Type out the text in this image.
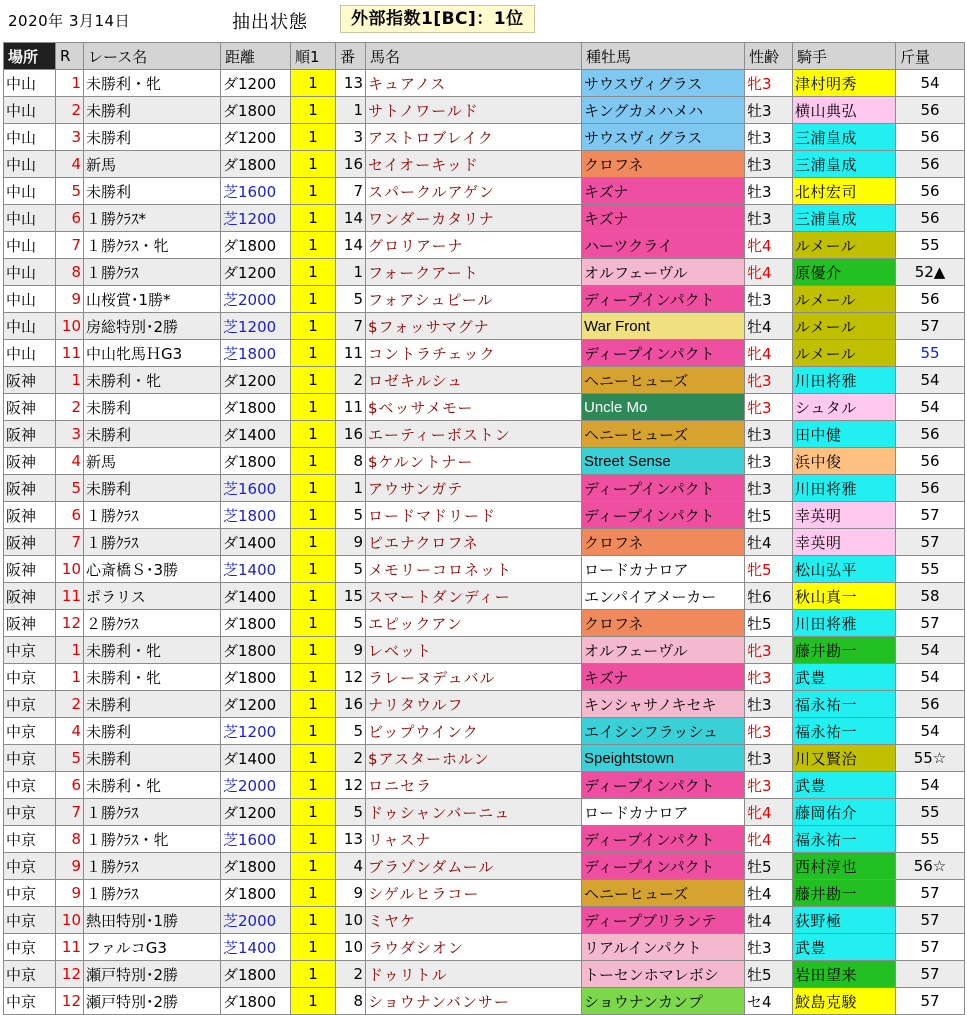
2020年 3月14日	抽出状態	外部指数1[BC]：1位
場所	R	レース名	距離	順1	番	馬名	種牡馬	性齢	騎手	斤量
中山	1	未勝利・牝	ダ1200	1	13	キュアノス	サウスヴィグラス	牝3	津村明秀	54
中山	2	未勝利	ダ1800	1	1	サトノワールド	キングカメハメハ	牡3	横山典弘	56
中山	3	未勝利	ダ1200	1	3	アストロブレイク	サウスヴィグラス	牡3	三浦皇成	56
中山	4	新馬	ダ1800	1	16	セイオーキッド	クロフネ	牡3	三浦皇成	56
中山	5	未勝利	芝1600	1	7	スパークルアゲン	キズナ	牡3	北村宏司	56
中山	6	１勝ｸﾗｽ*	芝1200	1	14	ワンダーカタリナ	キズナ	牡3	三浦皇成	56
中山	7	１勝ｸﾗｽ・牝	ダ1800	1	14	グロリアーナ	ハーツクライ	牝4	ルメール	55
中山	8	１勝ｸﾗｽ	ダ1200	1	1	フォークアート	オルフェーヴル	牝4	原優介	52▲
中山	9	山桜賞･1勝*	芝2000	1	5	フォアシュピール	ディープインパクト	牡3	ルメール	56
中山	10	房総特別･2勝	芝1200	1	7	$フォッサマグナ	War Front	牡4	ルメール	57
中山	11	中山牝馬ＨG3	芝1800	1	11	コントラチェック	ディープインパクト	牝4	ルメール	55
阪神	1	未勝利・牝	ダ1200	1	2	ロゼキルシュ	ヘニーヒューズ	牝3	川田将雅	54
阪神	2	未勝利	ダ1800	1	11	$ベッサメモー	Uncle Mo	牝3	シュタル	54
阪神	3	未勝利	ダ1400	1	16	エーティーボストン	ヘニーヒューズ	牡3	田中健	56
阪神	4	新馬	ダ1800	1	8	$ケルントナー	Street Sense	牡3	浜中俊	56
阪神	5	未勝利	芝1600	1	1	アウサンガテ	ディープインパクト	牡3	川田将雅	56
阪神	6	１勝ｸﾗｽ	芝1800	1	5	ロードマドリード	ディープインパクト	牡5	幸英明	57
阪神	7	１勝ｸﾗｽ	ダ1400	1	9	ピエナクロフネ	クロフネ	牡4	幸英明	57
阪神	10	心斎橋Ｓ･3勝	芝1400	1	5	メモリーコロネット	ロードカナロア	牝5	松山弘平	55
阪神	11	ポラリス	ダ1400	1	15	スマートダンディー	エンパイアメーカー	牡6	秋山真一	58
阪神	12	２勝ｸﾗｽ	ダ1800	1	5	エピックアン	クロフネ	牡5	川田将雅	57
中京	1	未勝利・牝	ダ1800	1	9	レベット	オルフェーヴル	牝3	藤井勘一	54
中京	1	未勝利・牝	ダ1800	1	12	ラレーヌデュバル	キズナ	牝3	武豊	54
中京	2	未勝利	ダ1200	1	16	ナリタウルフ	キンシャサノキセキ	牡3	福永祐一	56
中京	4	未勝利	芝1200	1	5	ビップウインク	エイシンフラッシュ	牝3	福永祐一	54
中京	5	未勝利	ダ1400	1	2	$アスターホルン	Speightstown	牡3	川又賢治	55☆
中京	6	未勝利・牝	芝2000	1	12	ロニセラ	ディープインパクト	牝3	武豊	54
中京	7	１勝ｸﾗｽ	ダ1200	1	5	ドゥシャンバーニュ	ロードカナロア	牝4	藤岡佑介	55
中京	8	１勝ｸﾗｽ・牝	芝1600	1	13	リャスナ	ディープインパクト	牝4	福永祐一	55
中京	9	１勝ｸﾗｽ	ダ1800	1	4	ブラゾンダムール	ディープインパクト	牡5	西村淳也	56☆
中京	9	１勝ｸﾗｽ	ダ1800	1	9	シゲルヒラコー	ヘニーヒューズ	牡4	藤井勘一	57
中京	10	熱田特別･1勝	芝2000	1	10	ミヤケ	ディープブリランテ	牡4	荻野極	57
中京	11	ファルコG3	芝1400	1	10	ラウダシオン	リアルインパクト	牡3	武豊	57
中京	12	瀬戸特別･2勝	ダ1800	1	2	ドゥリトル	トーセンホマレボシ	牡5	岩田望来	57
中京	12	瀬戸特別･2勝	ダ1800	1	8	ショウナンバンサー	ショウナンカンプ	セ4	鮫島克駿	57
